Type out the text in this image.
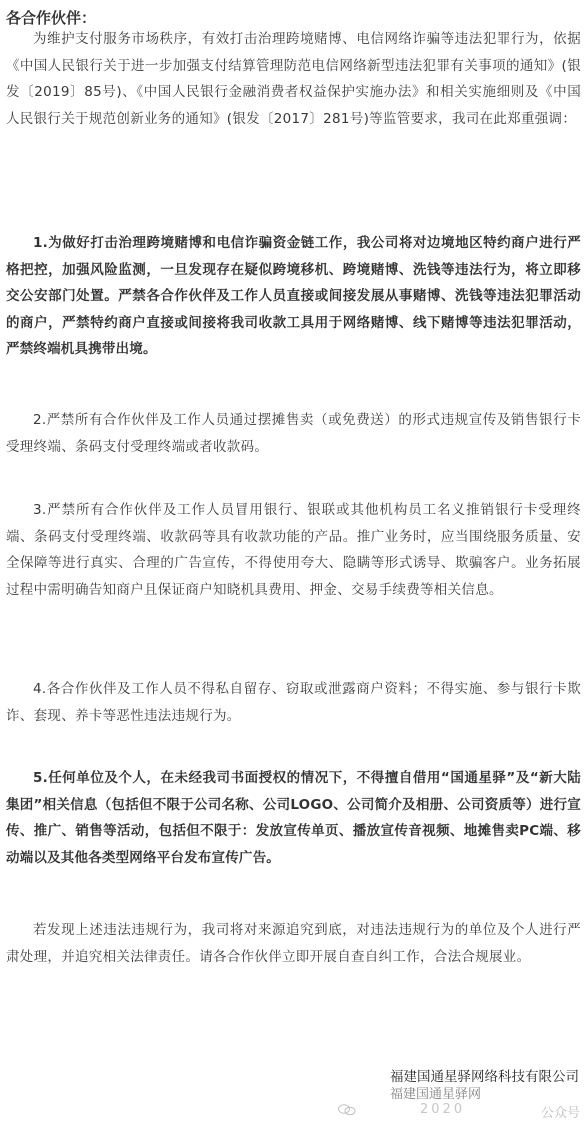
各合作伙伴：

为维护支付服务市场秩序，有效打击治理跨境赌博、电信网络诈骗等违法犯罪行为，依据《中国人民银行关于进一步加强支付结算管理防范电信网络新型违法犯罪有关事项的通知》(银发〔2019〕85号)、《中国人民银行金融消费者权益保护实施办法》和相关实施细则及《中国人民银行关于规范创新业务的通知》(银发〔2017〕281号)等监管要求，我司在此郑重强调：

1.为做好打击治理跨境赌博和电信诈骗资金链工作，我公司将对边境地区特约商户进行严格把控，加强风险监测，一旦发现存在疑似跨境移机、跨境赌博、洗钱等违法行为，将立即移交公安部门处置。严禁各合作伙伴及工作人员直接或间接发展从事赌博、洗钱等违法犯罪活动的商户，严禁特约商户直接或间接将我司收款工具用于网络赌博、线下赌博等违法犯罪活动，严禁终端机具携带出境。

2.严禁所有合作伙伴及工作人员通过摆摊售卖（或免费送）的形式违规宣传及销售银行卡受理终端、条码支付受理终端或者收款码。

3.严禁所有合作伙伴及工作人员冒用银行、银联或其他机构员工名义推销银行卡受理终端、条码支付受理终端、收款码等具有收款功能的产品。推广业务时，应当围绕服务质量、安全保障等进行真实、合理的广告宣传，不得使用夸大、隐瞒等形式诱导、欺骗客户。业务拓展过程中需明确告知商户且保证商户知晓机具费用、押金、交易手续费等相关信息。

4.各合作伙伴及工作人员不得私自留存、窃取或泄露商户资料；不得实施、参与银行卡欺诈、套现、养卡等恶性违法违规行为。

5.任何单位及个人，在未经我司书面授权的情况下，不得擅自借用“国通星驿”及“新大陆集团”相关信息（包括但不限于公司名称、公司LOGO、公司简介及相册、公司资质等）进行宣传、推广、销售等活动，包括但不限于：发放宣传单页、播放宣传音视频、地摊售卖PC端、移动端以及其他各类型网络平台发布宣传广告。

若发现上述违法违规行为，我司将对来源追究到底，对违法违规行为的单位及个人进行严肃处理，并追究相关法律责任。请各合作伙伴立即开展自查自纠工作，合法合规展业。

福建国通星驿网络科技有限公司
福建国通星驿网
2020	公众号
